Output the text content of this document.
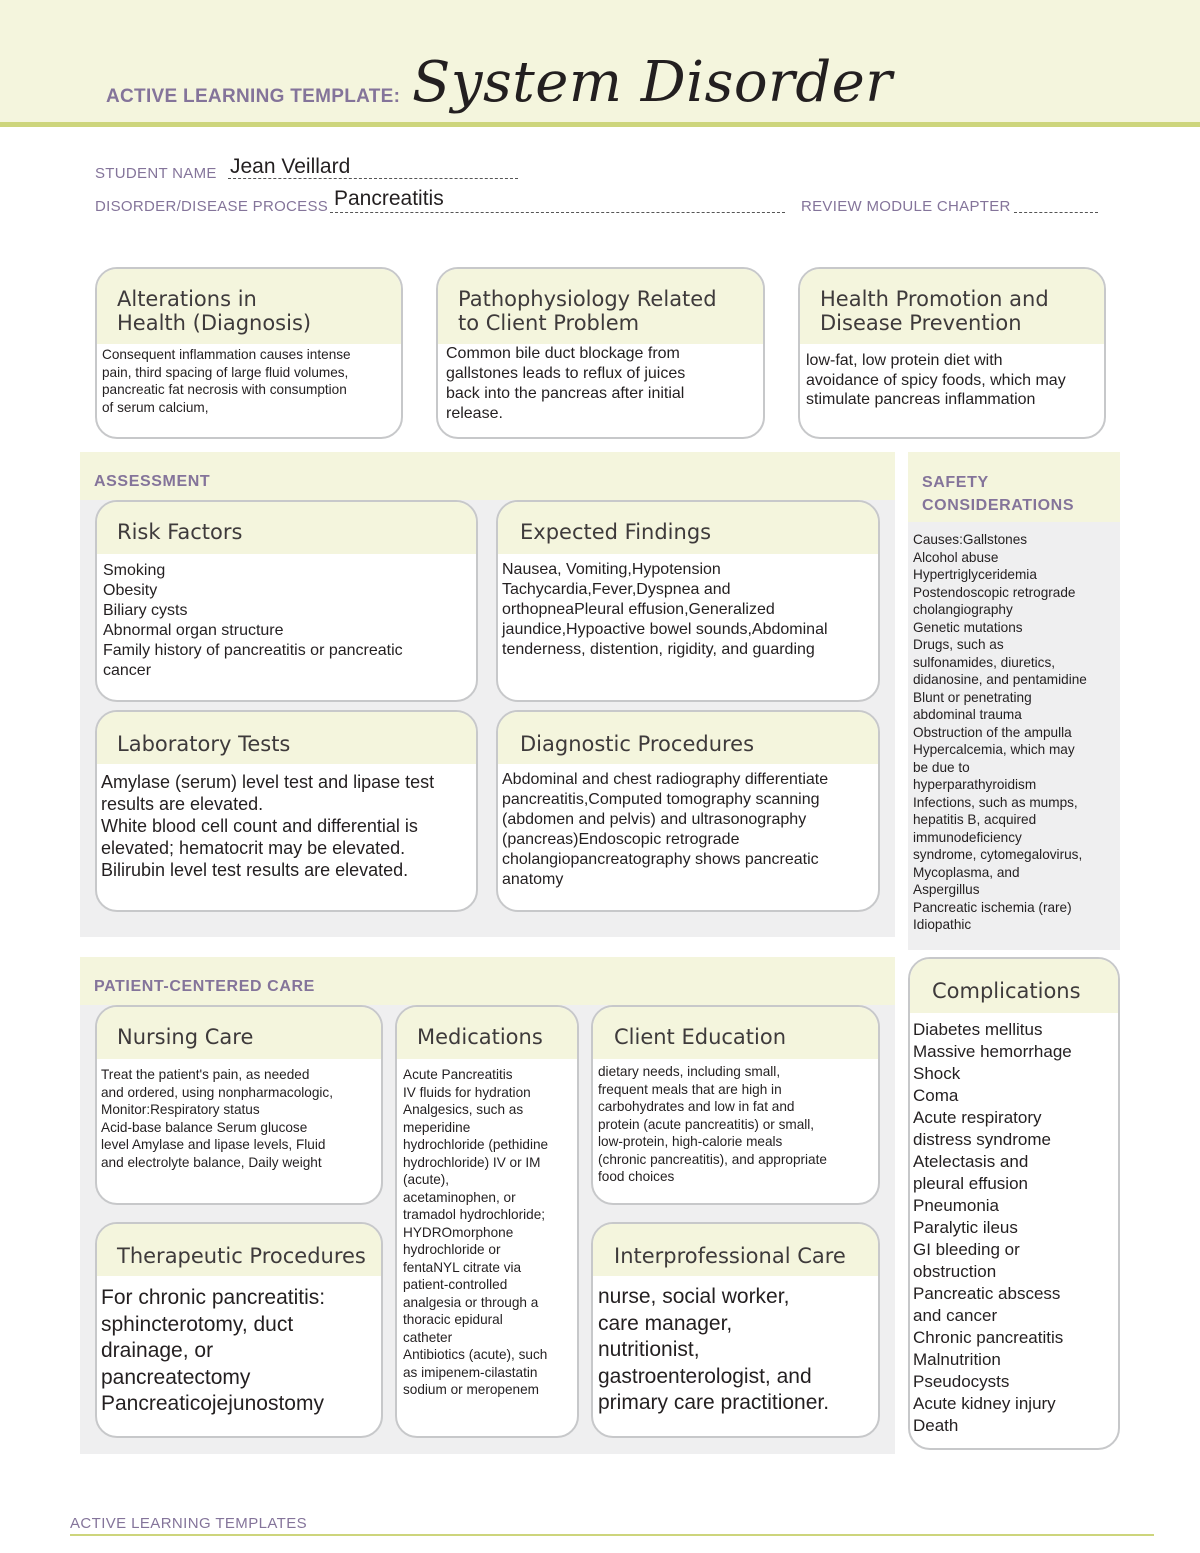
ACTIVE LEARNING TEMPLATE: System Disorder
STUDENT NAME Jean Veillard
DISORDER/DISEASE PROCESS Pancreatitis	REVIEW MODULE CHAPTER
Alterations in
Health (Diagnosis)
Consequent inflammation causes intense
pain, third spacing of large fluid volumes,
pancreatic fat necrosis with consumption
of serum calcium,
Pathophysiology Related
to Client Problem
Common bile duct blockage from
gallstones leads to reflux of juices
back into the pancreas after initial
release.
Health Promotion and
Disease Prevention
low-fat, low protein diet with
avoidance of spicy foods, which may
stimulate pancreas inflammation
ASSESSMENT
Risk Factors
Smoking
Obesity
Biliary cysts
Abnormal organ structure
Family history of pancreatitis or pancreatic
cancer
Expected Findings
Nausea, Vomiting,Hypotension
Tachycardia,Fever,Dyspnea and
orthopneaPleural effusion,Generalized
jaundice,Hypoactive bowel sounds,Abdominal
tenderness, distention, rigidity, and guarding
Laboratory Tests
Amylase (serum) level test and lipase test
results are elevated.
White blood cell count and differential is
elevated; hematocrit may be elevated.
Bilirubin level test results are elevated.
Diagnostic Procedures
Abdominal and chest radiography differentiate
pancreatitis,Computed tomography scanning
(abdomen and pelvis) and ultrasonography
(pancreas)Endoscopic retrograde
cholangiopancreatography shows pancreatic
anatomy
SAFETY
CONSIDERATIONS
Causes:Gallstones
Alcohol abuse
Hypertriglyceridemia
Postendoscopic retrograde
cholangiography
Genetic mutations
Drugs, such as
sulfonamides, diuretics,
didanosine, and pentamidine
Blunt or penetrating
abdominal trauma
Obstruction of the ampulla
Hypercalcemia, which may
be due to
hyperparathyroidism
Infections, such as mumps,
hepatitis B, acquired
immunodeficiency
syndrome, cytomegalovirus,
Mycoplasma, and
Aspergillus
Pancreatic ischemia (rare)
Idiopathic
PATIENT-CENTERED CARE
Nursing Care
Treat the patient's pain, as needed
and ordered, using nonpharmacologic,
Monitor:Respiratory status
Acid-base balance Serum glucose
level Amylase and lipase levels, Fluid
and electrolyte balance, Daily weight
Medications
Acute Pancreatitis
IV fluids for hydration
Analgesics, such as
meperidine
hydrochloride (pethidine
hydrochloride) IV or IM
(acute),
acetaminophen, or
tramadol hydrochloride;
HYDROmorphone
hydrochloride or
fentaNYL citrate via
patient-controlled
analgesia or through a
thoracic epidural
catheter
Antibiotics (acute), such
as imipenem-cilastatin
sodium or meropenem
Client Education
dietary needs, including small,
frequent meals that are high in
carbohydrates and low in fat and
protein (acute pancreatitis) or small,
low-protein, high-calorie meals
(chronic pancreatitis), and appropriate
food choices
Therapeutic Procedures
For chronic pancreatitis:
sphincterotomy, duct
drainage, or
pancreatectomy
Pancreaticojejunostomy
Interprofessional Care
nurse, social worker,
care manager,
nutritionist,
gastroenterologist, and
primary care practitioner.
Complications
Diabetes mellitus
Massive hemorrhage
Shock
Coma
Acute respiratory
distress syndrome
Atelectasis and
pleural effusion
Pneumonia
Paralytic ileus
GI bleeding or
obstruction
Pancreatic abscess
and cancer
Chronic pancreatitis
Malnutrition
Pseudocysts
Acute kidney injury
Death
ACTIVE LEARNING TEMPLATES
